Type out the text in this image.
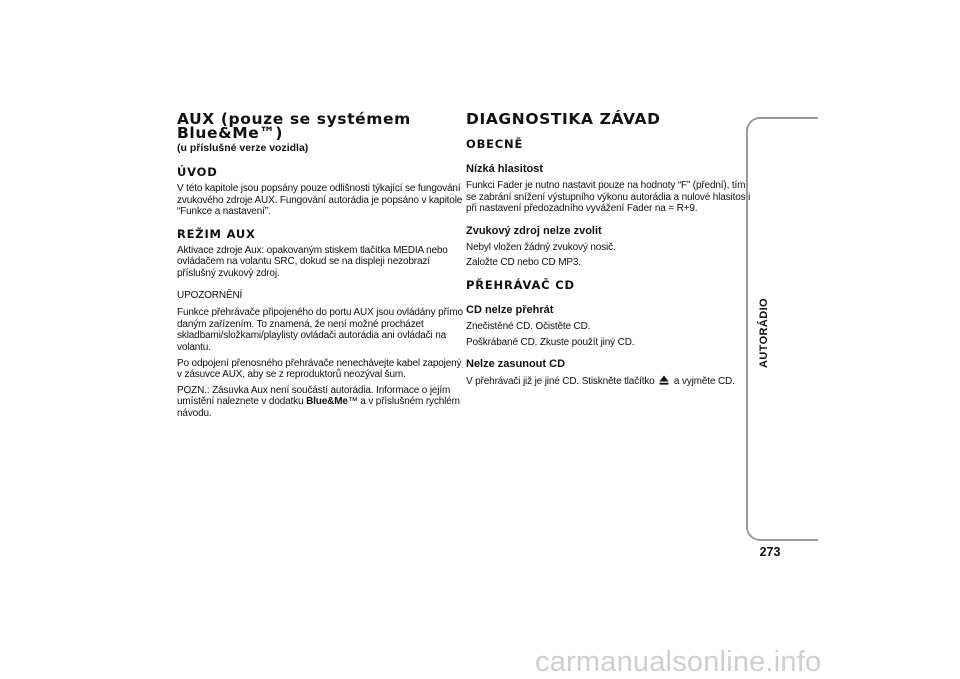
AUX (pouze se systémem
Blue&Me™)
(u příslušné verze vozidla)
ÚVOD

V této kapitole jsou popsány pouze odlišnosti týkající se fungování zvukového zdroje AUX. Fungování autorádia je popsáno v kapitole “Funkce a nastavení”.

REŽIM AUX

Aktivace zdroje Aux: opakovaným stiskem tlačítka MEDIA nebo ovládačem na volantu SRC, dokud se na displeji nezobrazí příslušný zvukový zdroj.

UPOZORNĚNÍ

Funkce přehrávače připojeného do portu AUX jsou ovládány přímo daným zařízením. To znamená, že není možné procházet skladbami/složkami/playlisty ovládači autorádia ani ovládači na volantu.

Po odpojení přenosného přehrávače nenechávejte kabel zapojený v zásuvce AUX, aby se z reproduktorů neozýval šum.

POZN.: Zásuvka Aux není součástí autorádia. Informace o jejím umístění naleznete v dodatku Blue&Me™ a v příslušném rychlém návodu.

DIAGNOSTIKA ZÁVAD
OBECNĚ
Nízká hlasitost

Funkci Fader je nutno nastavit pouze na hodnoty “F” (přední), tím se zabrání snížení výstupního výkonu autorádia a nulové hlasitosti při nastavení předozadního vyvážení Fader na = R+9.

Zvukový zdroj nelze zvolit

Nebyl vložen žádný zvukový nosič.

Založte CD nebo CD MP3.

PŘEHRÁVAČ CD
CD nelze přehrát

Znečistěné CD. Očistěte CD.

Poškrábané CD. Zkuste použít jiný CD.

Nelze zasunout CD

V přehrávači již je jiné CD. Stiskněte tlačítko a vyjměte CD.

AUTORÁDIO
273
carmanualsonline.info
